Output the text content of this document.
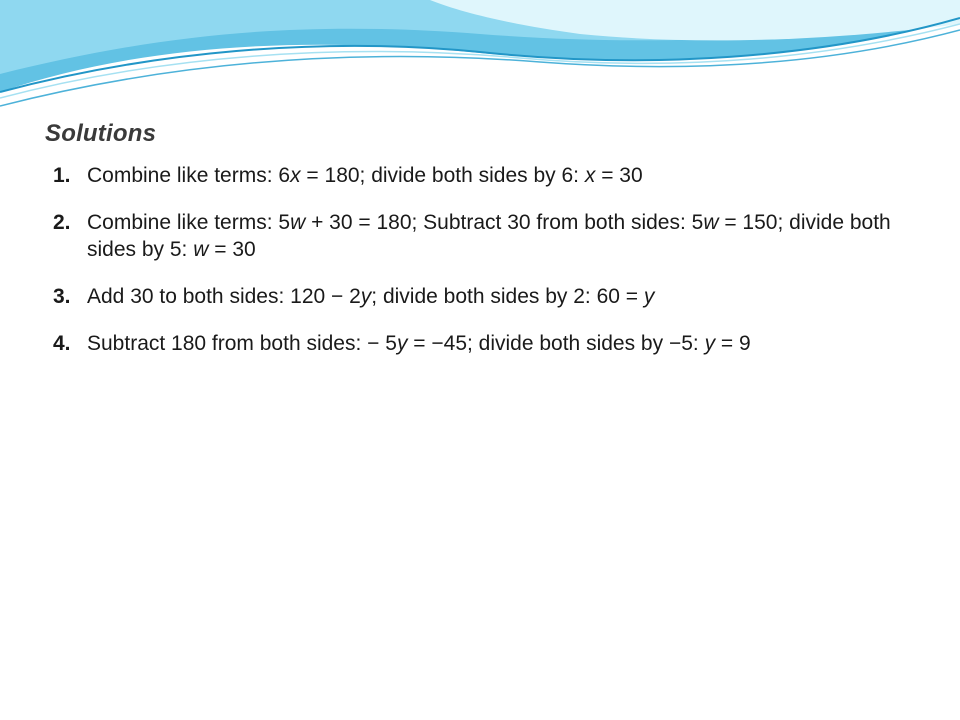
Solutions
1. Combine like terms: 6x = 180; divide both sides by 6: x = 30
2. Combine like terms: 5w + 30 = 180; Subtract 30 from both sides: 5w = 150; divide both sides by 5: w = 30
3. Add 30 to both sides: 120 − 2y; divide both sides by 2: 60 = y
4. Subtract 180 from both sides: − 5y = −45; divide both sides by −5: y = 9
